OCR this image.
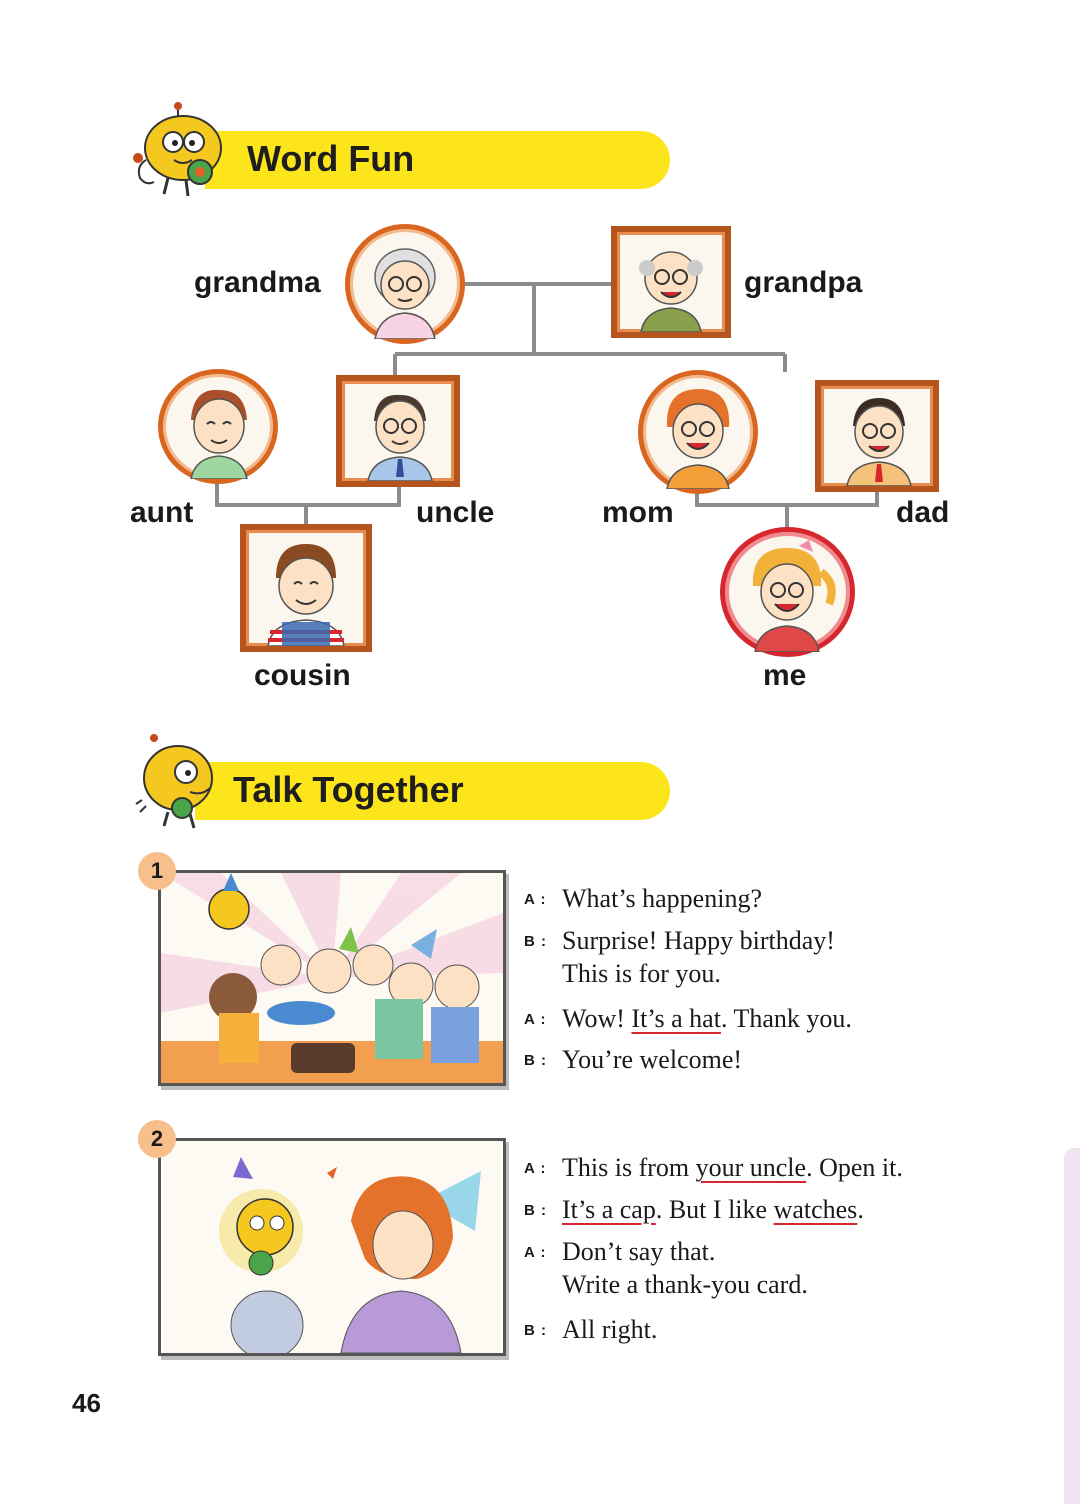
Word Fun
grandma	grandpa
aunt	uncle	mom	dad
cousin	me
Talk Together
1
A : What’s happening?
B : Surprise! Happy birthday!
This is for you.
A : Wow! It’s a hat. Thank you.
B : You’re welcome!
2
A : This is from your uncle. Open it.
B : It’s a cap. But I like watches.
A : Don’t say that.
Write a thank-you card.
B : All right.
46
